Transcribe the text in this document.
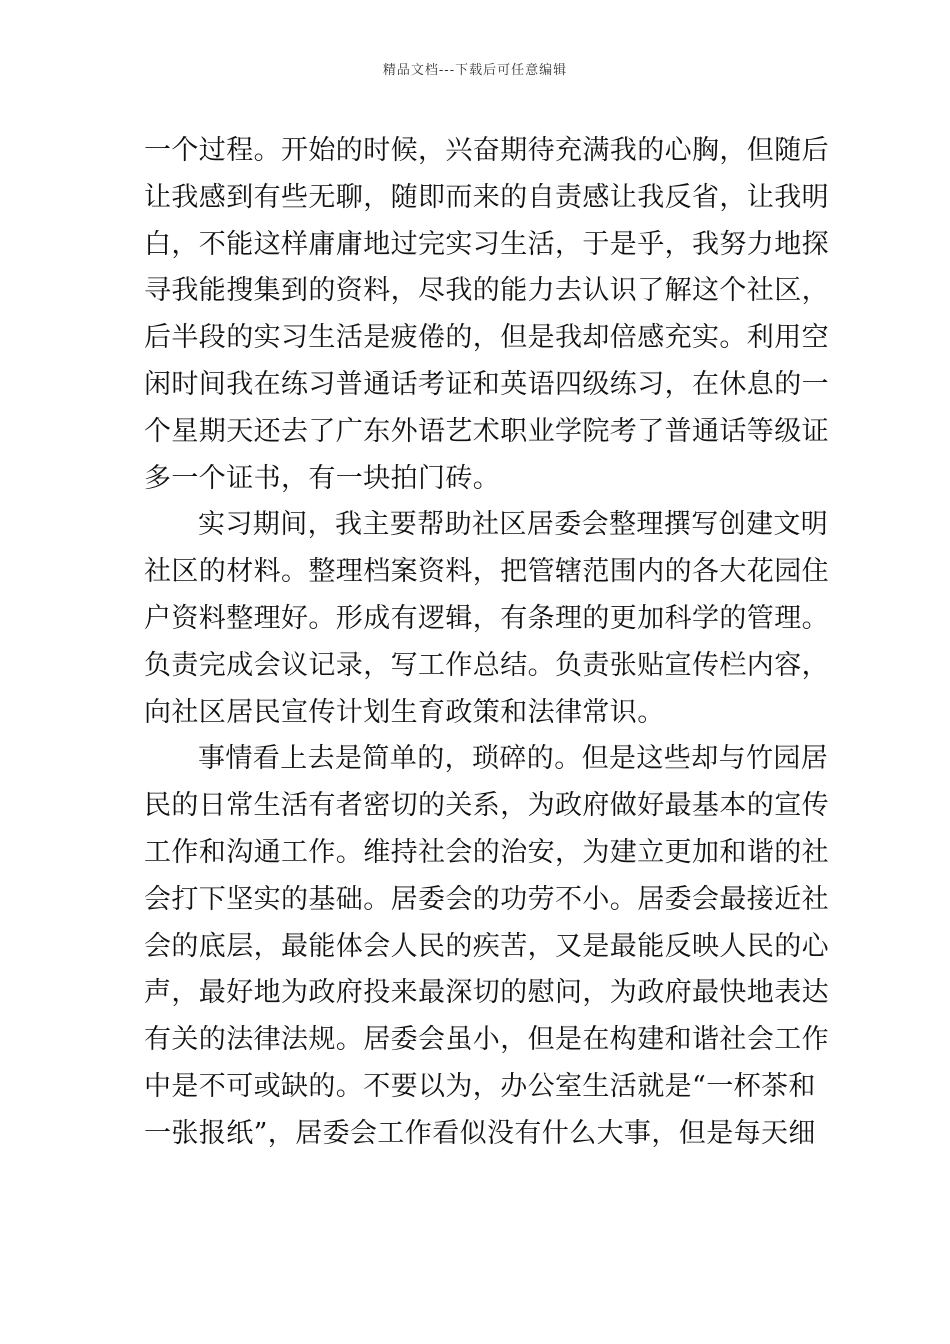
精品文档---下载后可任意编辑
一个过程。开始的时候，兴奋期待充满我的心胸，但随后
让我感到有些无聊，随即而来的自责感让我反省，让我明
白，不能这样庸庸地过完实习生活，于是乎，我努力地探
寻我能搜集到的资料，尽我的能力去认识了解这个社区，
后半段的实习生活是疲倦的，但是我却倍感充实。利用空
闲时间我在练习普通话考证和英语四级练习，在休息的一
个星期天还去了广东外语艺术职业学院考了普通话等级证
多一个证书，有一块拍门砖。
实习期间，我主要帮助社区居委会整理撰写创建文明
社区的材料。整理档案资料，把管辖范围内的各大花园住
户资料整理好。形成有逻辑，有条理的更加科学的管理。
负责完成会议记录，写工作总结。负责张贴宣传栏内容，
向社区居民宣传计划生育政策和法律常识。
事情看上去是简单的，琐碎的。但是这些却与竹园居
民的日常生活有者密切的关系，为政府做好最基本的宣传
工作和沟通工作。维持社会的治安，为建立更加和谐的社
会打下坚实的基础。居委会的功劳不小。居委会最接近社
会的底层，最能体会人民的疾苦，又是最能反映人民的心
声，最好地为政府投来最深切的慰问，为政府最快地表达
有关的法律法规。居委会虽小，但是在构建和谐社会工作
中是不可或缺的。不要以为，办公室生活就是“一杯茶和
一张报纸”，居委会工作看似没有什么大事，但是每天细
